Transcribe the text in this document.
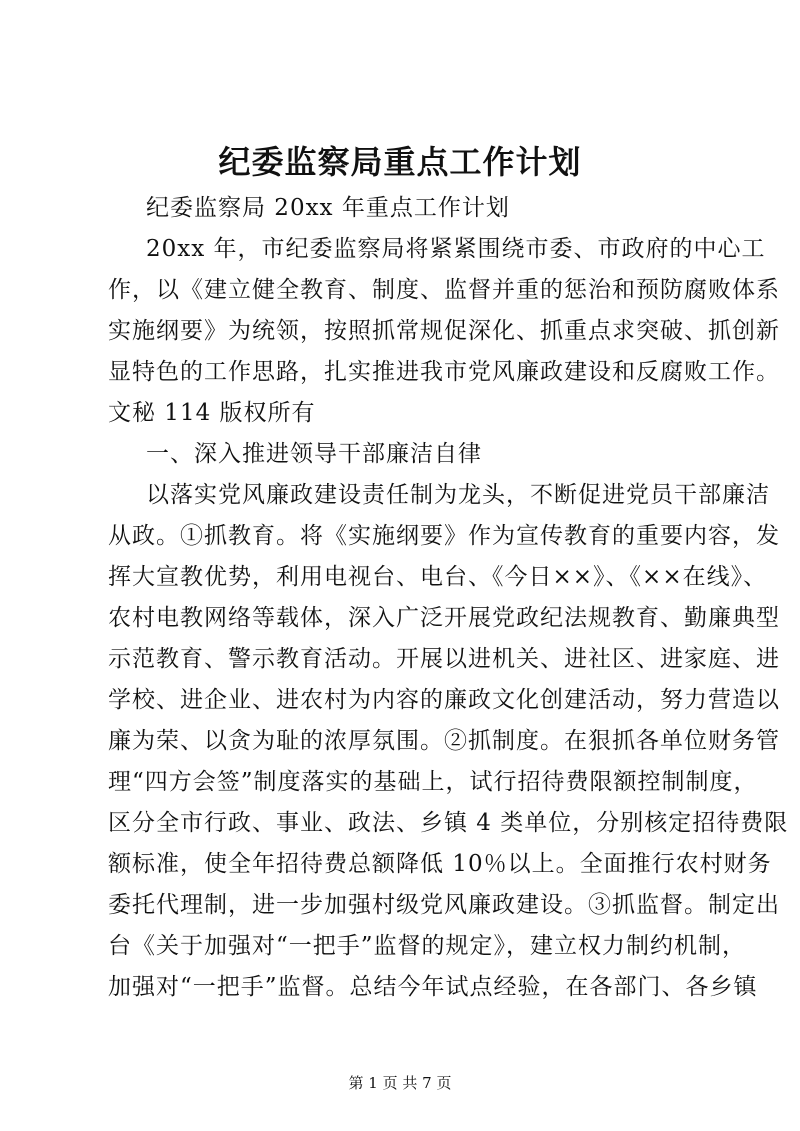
纪委监察局重点工作计划
纪委监察局 20xx 年重点工作计划
20xx 年，市纪委监察局将紧紧围绕市委、市政府的中心工
作，以《建立健全教育、制度、监督并重的惩治和预防腐败体系
实施纲要》为统领，按照抓常规促深化、抓重点求突破、抓创新
显特色的工作思路，扎实推进我市党风廉政建设和反腐败工作。
文秘 114 版权所有
一、深入推进领导干部廉洁自律
以落实党风廉政建设责任制为龙头，不断促进党员干部廉洁
从政。①抓教育。将《实施纲要》作为宣传教育的重要内容，发
挥大宣教优势，利用电视台、电台、《今日××》、《××在线》、
农村电教网络等载体，深入广泛开展党政纪法规教育、勤廉典型
示范教育、警示教育活动。开展以进机关、进社区、进家庭、进
学校、进企业、进农村为内容的廉政文化创建活动，努力营造以
廉为荣、以贪为耻的浓厚氛围。②抓制度。在狠抓各单位财务管
理“四方会签”制度落实的基础上，试行招待费限额控制制度，
区分全市行政、事业、政法、乡镇 4 类单位，分别核定招待费限
额标准，使全年招待费总额降低 10％以上。全面推行农村财务
委托代理制，进一步加强村级党风廉政建设。③抓监督。制定出
台《关于加强对“一把手”监督的规定》，建立权力制约机制，
加强对“一把手”监督。总结今年试点经验，在各部门、各乡镇
第 1 页 共 7 页
